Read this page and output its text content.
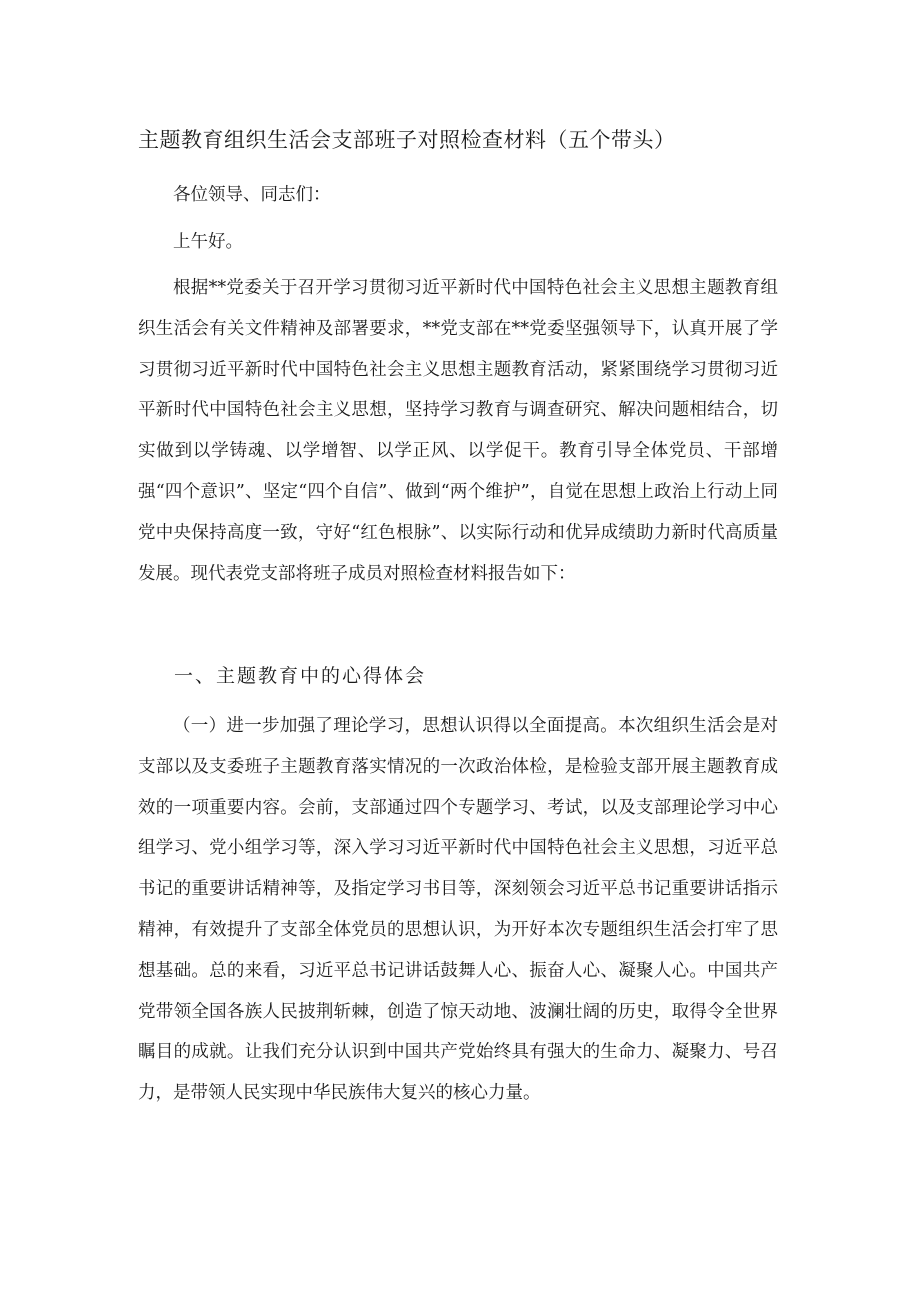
主题教育组织生活会支部班子对照检查材料（五个带头）

各位领导、同志们：

上午好。

根据**党委关于召开学习贯彻习近平新时代中国特色社会主义思想主题教育组织生活会有关文件精神及部署要求，**党支部在**党委坚强领导下，认真开展了学习贯彻习近平新时代中国特色社会主义思想主题教育活动，紧紧围绕学习贯彻习近平新时代中国特色社会主义思想，坚持学习教育与调查研究、解决问题相结合，切实做到以学铸魂、以学增智、以学正风、以学促干。教育引导全体党员、干部增强“四个意识”、坚定“四个自信”、做到“两个维护”，自觉在思想上政治上行动上同党中央保持高度一致，守好“红色根脉”、以实际行动和优异成绩助力新时代高质量发展。现代表党支部将班子成员对照检查材料报告如下：

一、主题教育中的心得体会

（一）进一步加强了理论学习，思想认识得以全面提高。本次组织生活会是对支部以及支委班子主题教育落实情况的一次政治体检，是检验支部开展主题教育成效的一项重要内容。会前，支部通过四个专题学习、考试，以及支部理论学习中心组学习、党小组学习等，深入学习习近平新时代中国特色社会主义思想，习近平总书记的重要讲话精神等，及指定学习书目等，深刻领会习近平总书记重要讲话指示精神，有效提升了支部全体党员的思想认识，为开好本次专题组织生活会打牢了思想基础。总的来看，习近平总书记讲话鼓舞人心、振奋人心、凝聚人心。中国共产党带领全国各族人民披荆斩棘，创造了惊天动地、波澜壮阔的历史，取得令全世界瞩目的成就。让我们充分认识到中国共产党始终具有强大的生命力、凝聚力、号召力，是带领人民实现中华民族伟大复兴的核心力量。
